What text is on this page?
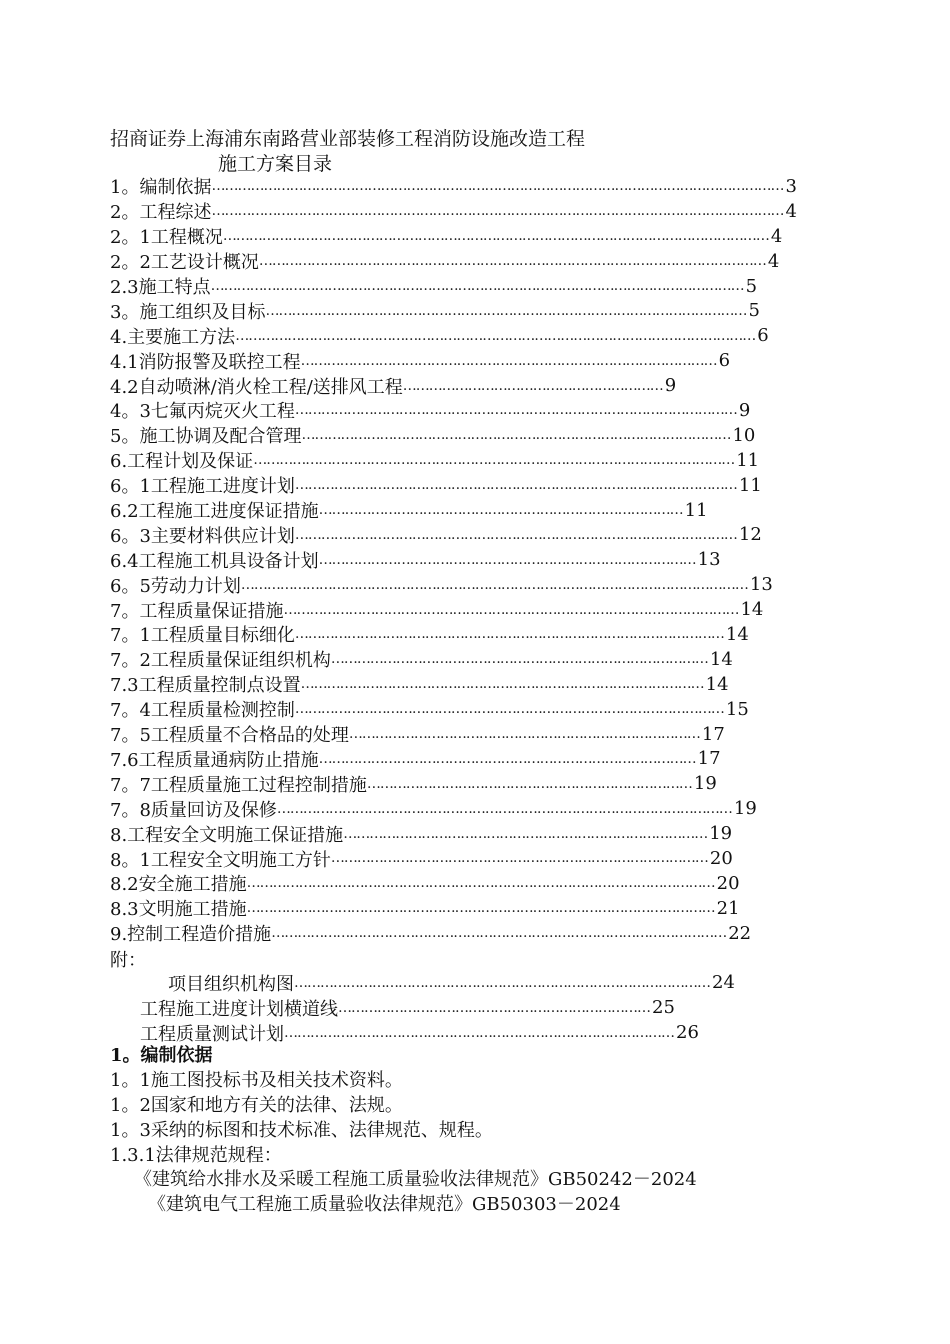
招商证券上海浦东南路营业部装修工程消防设施改造工程
施工方案目录
1。编制依据 …………………………………………………………………………………………………………………… 3
2。工程综述 …………………………………………………………………………………………………………………… 4
2。1工程概况 ……………………………………………………………………………………………………………… 4
2。2工艺设计概况 ……………………………………………………………………………………………………… 4
2.3施工特点 …………………………………………………………………………………………………………… 5
3。施工组织及目标 ………………………………………………………………………………………………… 5
4.主要施工方法 ………………………………………………………………………………………………………… 6
4.1消防报警及联控工程 …………………………………………………………………………………… 6
4.2自动喷淋/消火栓工程/送排风工程 …………………………………………………… 9
4。3七氟丙烷灭火工程 ………………………………………………………………………………………… 9
5。施工协调及配合管理 ……………………………………………………………………………………… 10
6.工程计划及保证 ………………………………………………………………………………………………… 11
6。1工程施工进度计划 ………………………………………………………………………………………… 11
6.2工程施工进度保证措施 ………………………………………………………………………… 11
6。3主要材料供应计划 ………………………………………………………………………………………… 12
6.4工程施工机具设备计划 …………………………………………………………………………… 13
6。5劳动力计划 ……………………………………………………………………………………………………… 13
7。工程质量保证措施 …………………………………………………………………………………………… 14
7。1工程质量目标细化 ……………………………………………………………………………………… 14
7。2工程质量保证组织机构 …………………………………………………………………………… 14
7.3工程质量控制点设置 ………………………………………………………………………………… 14
7。4工程质量检测控制 ……………………………………………………………………………………… 15
7。5工程质量不合格品的处理 ……………………………………………………………………… 17
7.6工程质量通病防止措施 …………………………………………………………………………… 17
7。7工程质量施工过程控制措施 ………………………………………………………………… 19
7。8质量回访及保修 …………………………………………………………………………………………… 19
8.工程安全文明施工保证措施 ………………………………………………………………………… 19
8。1工程安全文明施工方针 …………………………………………………………………………… 20
8.2安全施工措施 ……………………………………………………………………………………………… 20
8.3文明施工措施 ……………………………………………………………………………………………… 21
9.控制工程造价措施 …………………………………………………………………………………………… 22
附：
项目组织机构图 …………………………………………………………………………………… 24
工程施工进度计划横道线 ……………………………………………………………… 25
工程质量测试计划 ……………………………………………………………………………… 26
1。编制依据
1。1施工图投标书及相关技术资料。
1。2国家和地方有关的法律、法规。
1。3采纳的标图和技术标准、法律规范、规程。
1.3.1法律规范规程：
《建筑给水排水及采暖工程施工质量验收法律规范》GB50242－2024
《建筑电气工程施工质量验收法律规范》GB50303－2024
